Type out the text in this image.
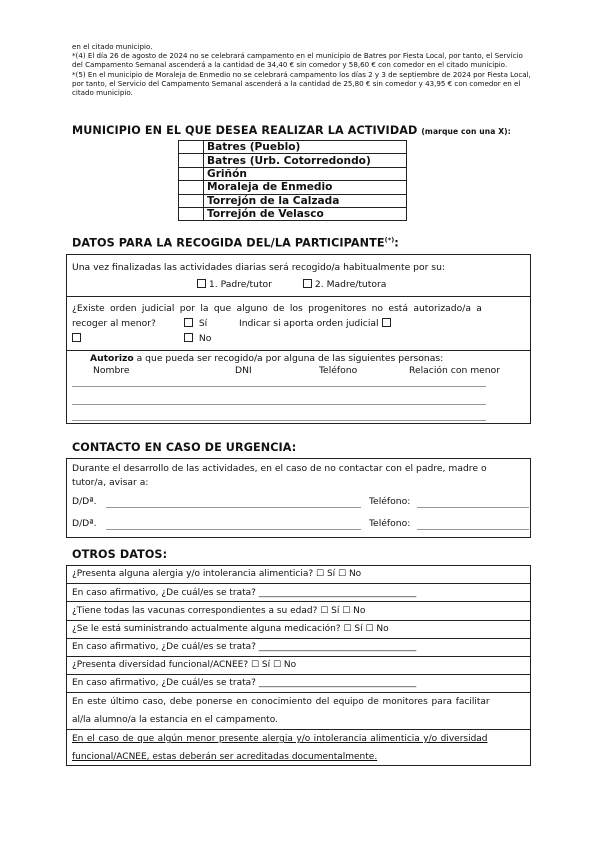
en el citado municipio.

*(4) El día 26 de agosto de 2024 no se celebrará campamento en el municipio de Batres por Fiesta Local, por tanto, el Servicio del Campamento Semanal ascenderá a la cantidad de 34,40 € sin comedor y 58,60 € con comedor en el citado municipio.

*(5) En el municipio de Moraleja de Enmedio no se celebrará campamento los días 2 y 3 de septiembre de 2024 por Fiesta Local, por tanto, el Servicio del Campamento Semanal ascenderá a la cantidad de 25,80 € sin comedor y 43,95 € con comedor en el citado municipio.

MUNICIPIO EN EL QUE DESEA REALIZAR LA ACTIVIDAD (marque con una X):
	Batres (Pueblo)
	Batres (Urb. Cotorredondo)
	Griñón
	Moraleja de Enmedio
	Torrejón de la Calzada
	Torrejón de Velasco
DATOS PARA LA RECOGIDA DEL/LA PARTICIPANTE(*):
Una vez finalizadas las actividades diarias será recogido/a habitualmente por su:
1. Padre/tutor	2. Madre/tutora
¿Existe orden judicial por la que alguno de los progenitores no está autorizado/a a
recoger al menor?	Sí	Indicar si aporta orden judicial
No
Autorizo a que pueda ser recogido/a por alguna de las siguientes personas:
Nombre	DNI	Teléfono	Relación con menor
CONTACTO EN CASO DE URGENCIA:
Durante el desarrollo de las actividades, en el caso de no contactar con el padre, madre o
tutor/a, avisar a:
D/Dª.	Teléfono:
D/Dª.	Teléfono:
OTROS DATOS:
¿Presenta alguna alergia y/o intolerancia alimenticia? ☐ Sí ☐ No
En caso afirmativo, ¿De cuál/es se trata? ___________________________________
¿Tiene todas las vacunas correspondientes a su edad? ☐ Sí ☐ No
¿Se le está suministrando actualmente alguna medicación? ☐ Sí ☐ No
En caso afirmativo, ¿De cuál/es se trata? ___________________________________
¿Presenta diversidad funcional/ACNEE? ☐ Sí ☐ No
En caso afirmativo, ¿De cuál/es se trata? ___________________________________
En este último caso, debe ponerse en conocimiento del equipo de monitores para facilitar
al/la alumno/a la estancia en el campamento.
En el caso de que algún menor presente alergia y/o intolerancia alimenticia y/o diversidad
funcional/ACNEE, estas deberán ser acreditadas documentalmente.
